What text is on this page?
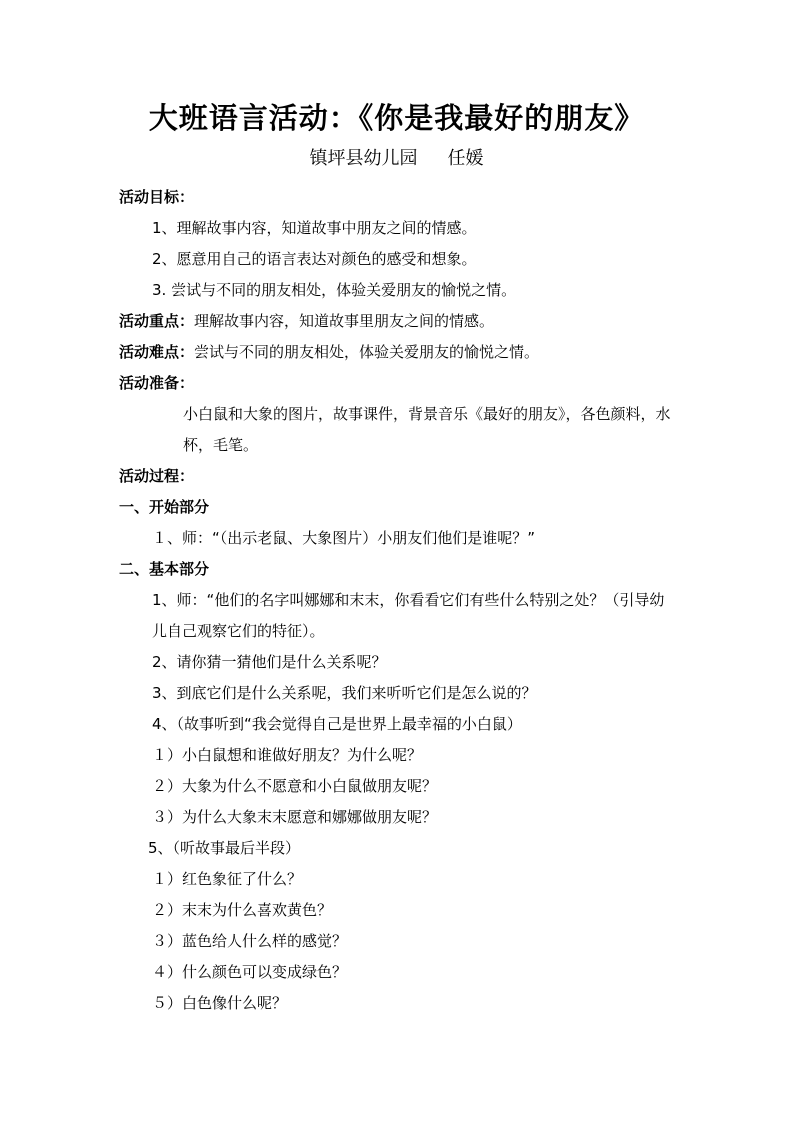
大班语言活动：《你是我最好的朋友》
镇坪县幼儿园 任媛

活动目标：

1、理解故事内容，知道故事中朋友之间的情感。

2、愿意用自己的语言表达对颜色的感受和想象。

3. 尝试与不同的朋友相处，体验关爱朋友的愉悦之情。

活动重点：理解故事内容，知道故事里朋友之间的情感。

活动难点：尝试与不同的朋友相处，体验关爱朋友的愉悦之情。

活动准备：

小白鼠和大象的图片，故事课件，背景音乐《最好的朋友》，各色颜料，水杯，毛笔。

活动过程：

一、开始部分

１、师：“（出示老鼠、大象图片）小朋友们他们是谁呢？”

二、基本部分

1、师：“他们的名字叫娜娜和末末，你看看它们有些什么特别之处？（引导幼儿自己观察它们的特征）。

2、请你猜一猜他们是什么关系呢？

3、到底它们是什么关系呢，我们来听听它们是怎么说的？

4、（故事听到“我会觉得自己是世界上最幸福的小白鼠）

１）小白鼠想和谁做好朋友？为什么呢？

２）大象为什么不愿意和小白鼠做朋友呢？

３）为什么大象末末愿意和娜娜做朋友呢？

5、（听故事最后半段）

１）红色象征了什么？

２）末末为什么喜欢黄色？

３）蓝色给人什么样的感觉？

４）什么颜色可以变成绿色？

５）白色像什么呢？
